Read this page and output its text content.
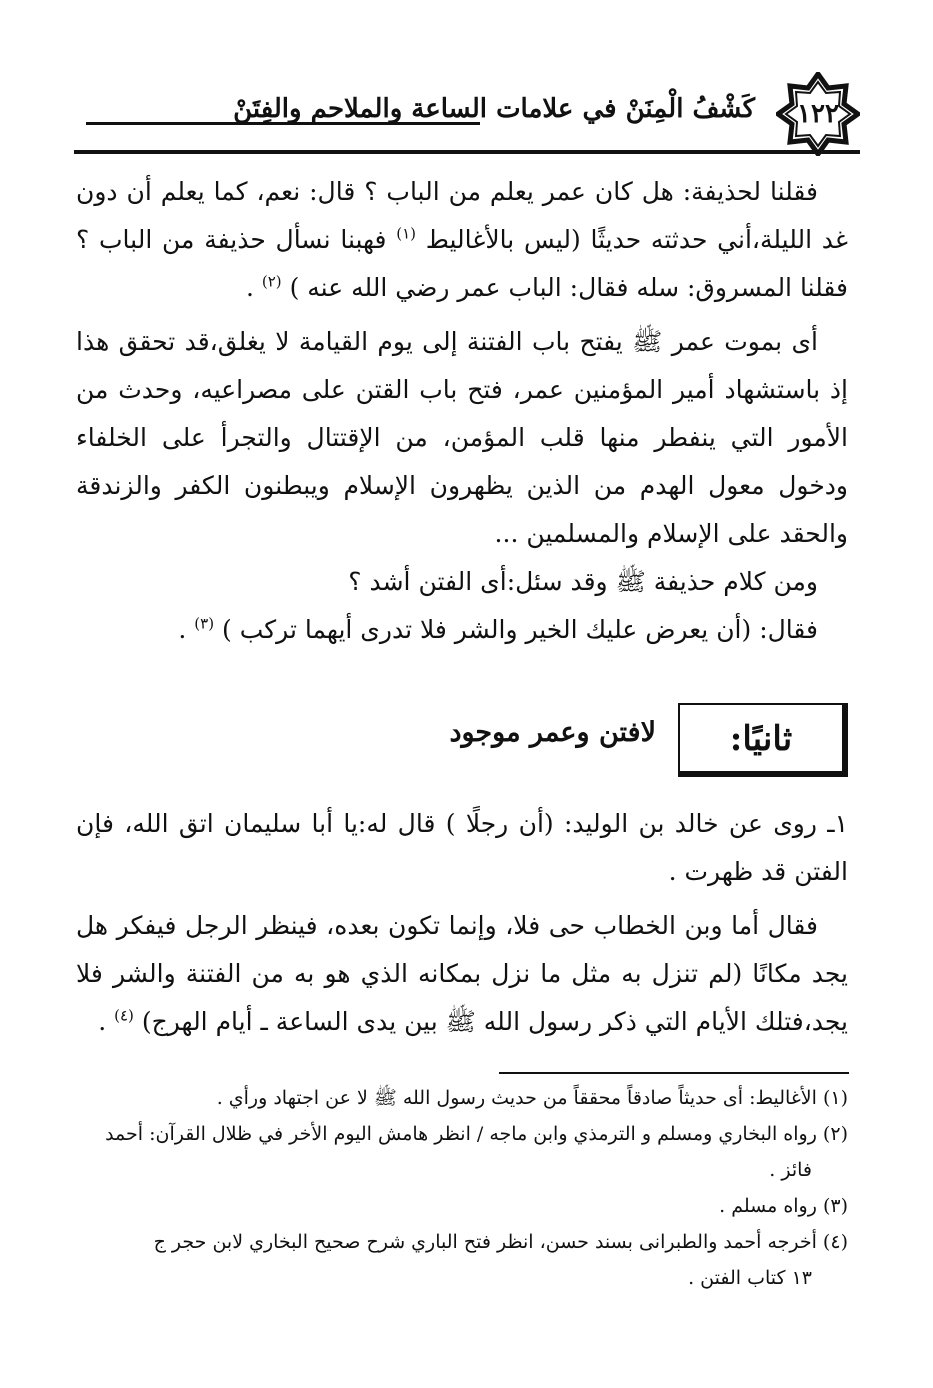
١٢٢
كَشْفُ الْمِنَنْ في علامات الساعة والملاحم والفِتَنْ

فقلنا لحذيفة: هل كان عمر يعلم من الباب ؟ قال: نعم، كما يعلم أن دون غد الليلة،أني حدثته حديثًا (ليس بالأغاليط $^{(١)}$ فهبنا نسأل حذيفة من الباب ؟ فقلنا المسروق: سله فقال: الباب عمر رضي الله عنه ) $^{(٢)}$ .

أى بموت عمر ﷺ يفتح باب الفتنة إلى يوم القيامة لا يغلق،قد تحقق هذا إذ باستشهاد أمير المؤمنين عمر، فتح باب القتن على مصراعيه، وحدث من الأمور التي ينفطر منها قلب المؤمن، من الإقتتال والتجرأ على الخلفاء ودخول معول الهدم من الذين يظهرون الإسلام ويبطنون الكفر والزندقة والحقد على الإسلام والمسلمين ...

ومن كلام حذيفة ﷺ وقد سئل:أى الفتن أشد ؟

فقال: (أن يعرض عليك الخير والشر فلا تدرى أيهما تركب ) $^{(٣)}$ .

ثانيًا:
لافتن وعمر موجود

١ـ روى عن خالد بن الوليد: (أن رجلًا ) قال له:يا أبا سليمان اتق الله، فإن الفتن قد ظهرت .

فقال أما وبن الخطاب حى فلا، وإنما تكون بعده، فينظر الرجل فيفكر هل يجد مكانًا (لم تنزل به مثل ما نزل بمكانه الذي هو به من الفتنة والشر فلا يجد،فتلك الأيام التي ذكر رسول الله ﷺ بين يدى الساعة ـ أيام الهرج) $^{(٤)}$ .

(١) الأغاليط: أى حديثاً صادقاً محققاً من حديث رسول الله ﷺ لا عن اجتهاد ورأي .

(٢) رواه البخاري ومسلم و الترمذي وابن ماجه / انظر هامش اليوم الأخر في ظلال القرآن: أحمد

فائز .

(٣) رواه مسلم .

(٤) أخرجه أحمد والطبرانى بسند حسن، انظر فتح الباري شرح صحيح البخاري لابن حجر ج

١٣ كتاب الفتن .
